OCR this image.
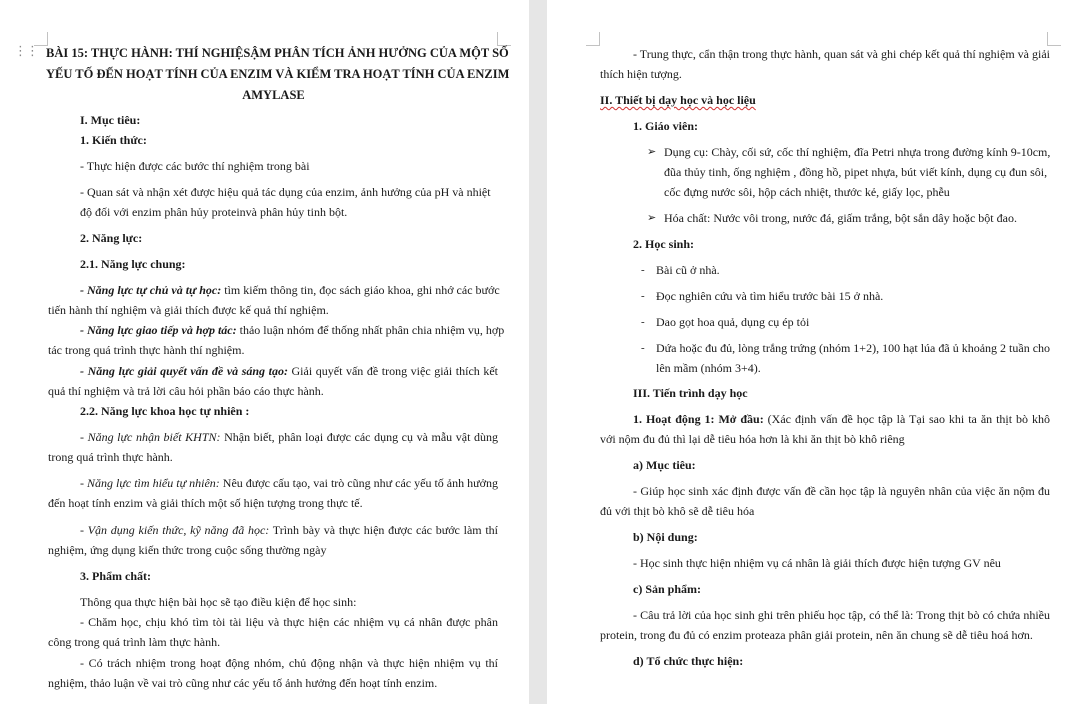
⋮⋮ BÀI 15: THỰC HÀNH: THÍ NGHIỆSẬM PHÂN TÍCH ẢNH HƯỞNG CỦA MỘT SỐ
YẾU TỐ ĐẾN HOẠT TÍNH CỦA ENZIM VÀ KIỂM TRA HOẠT TÍNH CỦA ENZIM
AMYLASE
I. Mục tiêu:
1. Kiến thức:
- Thực hiện được các bước thí nghiệm trong bài
- Quan sát và nhận xét được hiệu quả tác dụng của enzim, ảnh hưởng của pH và nhiệt
độ đối với enzim phân hủy proteinvà phân hủy tinh bột.
2. Năng lực:
2.1. Năng lực chung:
- Năng lực tự chủ và tự học: tìm kiếm thông tin, đọc sách giáo khoa, ghi nhớ các bước
tiến hành thí nghiệm và giải thích được kế quả thí nghiệm.
- Năng lực giao tiếp và hợp tác: thảo luận nhóm để thống nhất phân chia nhiệm vụ, hợp
tác trong quá trình thực hành thí nghiệm.
- Năng lực giải quyết vấn đề và sáng tạo: Giải quyết vấn đề trong việc giải thích kết
quả thí nghiệm và trả lời câu hỏi phần báo cáo thực hành.
2.2. Năng lực khoa học tự nhiên :
- Năng lực nhận biết KHTN: Nhận biết, phân loại được các dụng cụ và mẫu vật dùng
trong quá trình thực hành.
- Năng lực tìm hiểu tự nhiên: Nêu được cấu tạo, vai trò cũng như các yếu tố ảnh hưởng
đến hoạt tính enzim và giải thích một số hiện tượng trong thực tế.
- Vận dụng kiến thức, kỹ năng đã học: Trình bày và thực hiện được các bước làm thí
nghiệm, ứng dụng kiến thức trong cuộc sống thường ngày
3. Phẩm chất:
Thông qua thực hiện bài học sẽ tạo điều kiện để học sinh:
- Chăm học, chịu khó tìm tòi tài liệu và thực hiện các nhiệm vụ cá nhân được phân
công trong quá trình làm thực hành.
- Có trách nhiệm trong hoạt động nhóm, chủ động nhận và thực hiện nhiệm vụ thí
nghiệm, thảo luận về vai trò cũng như các yếu tố ảnh hưởng đến hoạt tính enzim.
- Trung thực, cẩn thận trong thực hành, quan sát và ghi chép kết quả thí nghiệm và giải
thích hiện tượng.
II. Thiết bị dạy học và học liệu
1. Giáo viên:
➢ Dụng cụ: Chày, cối sứ, cốc thí nghiệm, đĩa Petri nhựa trong đường kính 9-10cm,
đũa thủy tinh, ống nghiệm , đồng hồ, pipet nhựa, bút viết kính, dụng cụ đun sôi,
cốc đựng nước sôi, hộp cách nhiệt, thước kẻ, giấy lọc, phễu
➢ Hóa chất: Nước vôi trong, nước đá, giấm trắng, bột sắn dây hoặc bột đao.
2. Học sinh:
- Bài cũ ở nhà.
- Đọc nghiên cứu và tìm hiểu trước bài 15 ở nhà.
- Dao gọt hoa quả, dụng cụ ép tỏi
- Dứa hoặc đu đủ, lòng trắng trứng (nhóm 1+2), 100 hạt lúa đã ủ khoảng 2 tuần cho
lên mầm (nhóm 3+4).
III. Tiến trình dạy học
1. Hoạt động 1: Mở đầu: (Xác định vấn đề học tập là Tại sao khi ta ăn thịt bò khô
với nộm đu đủ thì lại dễ tiêu hóa hơn là khi ăn thịt bò khô riêng
a) Mục tiêu:
- Giúp học sinh xác định được vấn đề cần học tập là nguyên nhân của việc ăn nộm đu
đủ với thịt bò khô sẽ dễ tiêu hóa
b) Nội dung:
- Học sinh thực hiện nhiệm vụ cá nhân là giải thích được hiện tượng GV nêu
c) Sản phẩm:
- Câu trả lời của học sinh ghi trên phiếu học tập, có thể là: Trong thịt bò có chứa nhiều
protein, trong đu đủ có enzim proteaza phân giải protein, nên ăn chung sẽ dễ tiêu hoá hơn.
d) Tổ chức thực hiện:
